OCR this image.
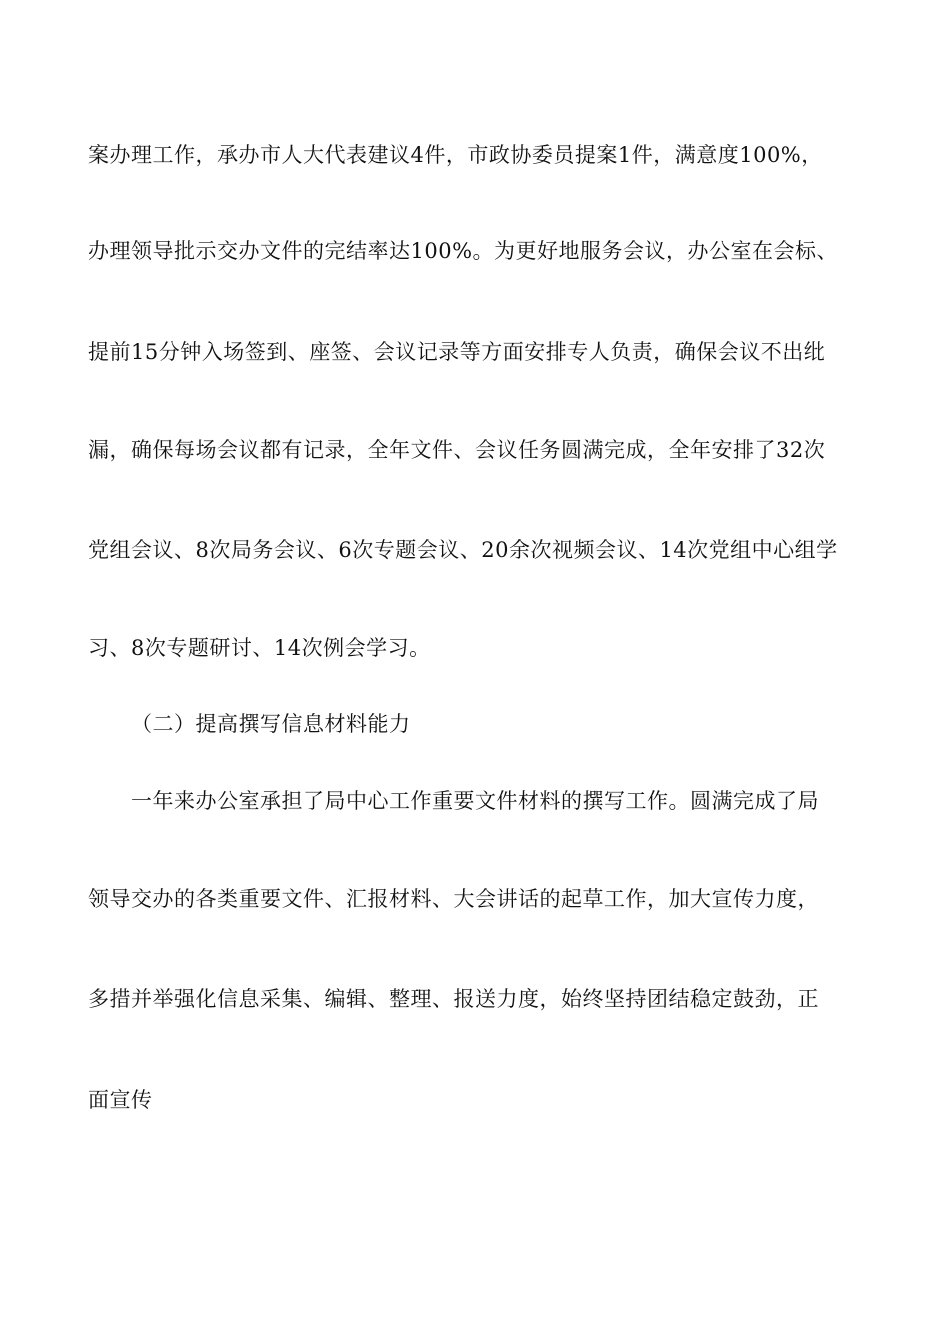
案办理工作，承办市人大代表建议4件，市政协委员提案1件，满意度100%，
办理领导批示交办文件的完结率达100%。为更好地服务会议，办公室在会标、
提前15分钟入场签到、座签、会议记录等方面安排专人负责，确保会议不出纰
漏，确保每场会议都有记录，全年文件、会议任务圆满完成，全年安排了32次
党组会议、8次局务会议、6次专题会议、20余次视频会议、14次党组中心组学
习、8次专题研讨、14次例会学习。
（二）提高撰写信息材料能力
一年来办公室承担了局中心工作重要文件材料的撰写工作。圆满完成了局
领导交办的各类重要文件、汇报材料、大会讲话的起草工作，加大宣传力度，
多措并举强化信息采集、编辑、整理、报送力度，始终坚持团结稳定鼓劲，正
面宣传
